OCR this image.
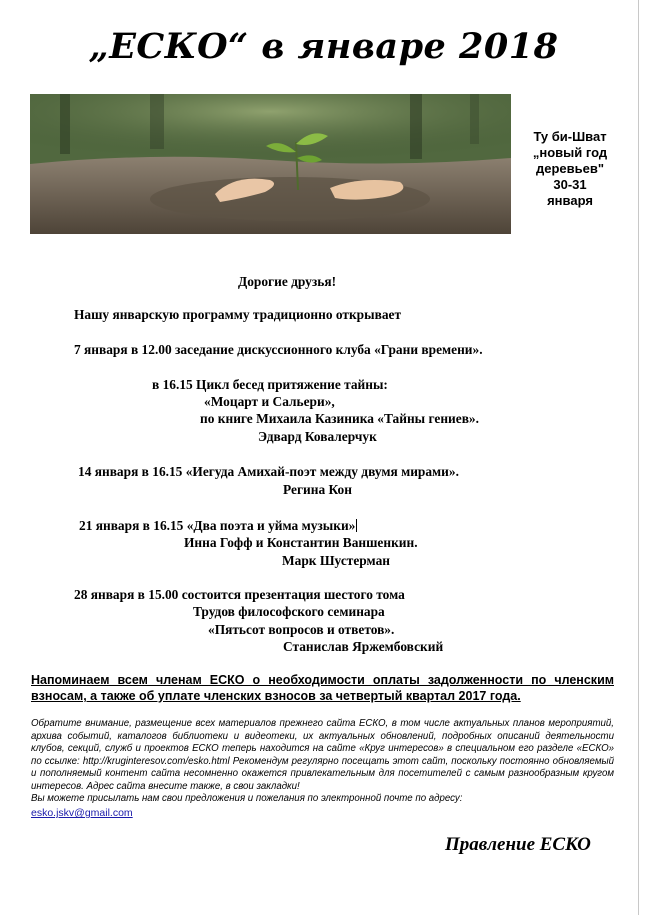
„ЕСКО“ в январе 2018
Ту би-Шват
„новый год
деревьев"
30-31
января
Дорогие друзья!
Нашу январскую программу традиционно открывает
7 января в 12.00 заседание дискуссионного клуба «Грани времени».
в 16.15 Цикл бесед притяжение тайны:
«Моцарт и Сальери»,
по книге Михаила Казиника «Тайны гениев».
Эдвард Ковалерчук
14 января в 16.15 «Иегуда Амихай-поэт между двумя мирами».
Регина Кон
21 января в 16.15 «Два поэта и уйма музыки»
Инна Гофф и Константин Ваншенкин.
Марк Шустерман
28 января в 15.00 состоится презентация шестого тома
Трудов философского семинара
«Пятьсот вопросов и ответов».
Станислав Яржембовский
Напоминаем всем членам ЕСКО о необходимости оплаты задолженности по членским взносам, а также об уплате членских взносов за четвертый квартал 2017 года.
Обратите внимание, размещение всех материалов прежнего сайта ЕСКО, в том числе актуальных планов мероприятий, архива событий, каталогов библиотеки и видеотеки, их актуальных обновлений, подробных описаний деятельности клубов, секций, служб и проектов ЕСКО теперь находится на сайте «Круг интересов» в специальном его разделе «ЕСКО» по ссылке: http://kruginteresov.com/esko.html Рекомендум регулярно посещать этот сайт, поскольку постоянно обновляемый и пополняемый контент сайта несомненно окажется привлекательным для посетителей с самым разнообразным кругом интересов. Адрес сайта внесите также, в свои закладки!
Вы можете присылать нам свои предложения и пожелания по электронной почте по адресу:
esko.jskv@gmail.com
Правление ЕСКО
